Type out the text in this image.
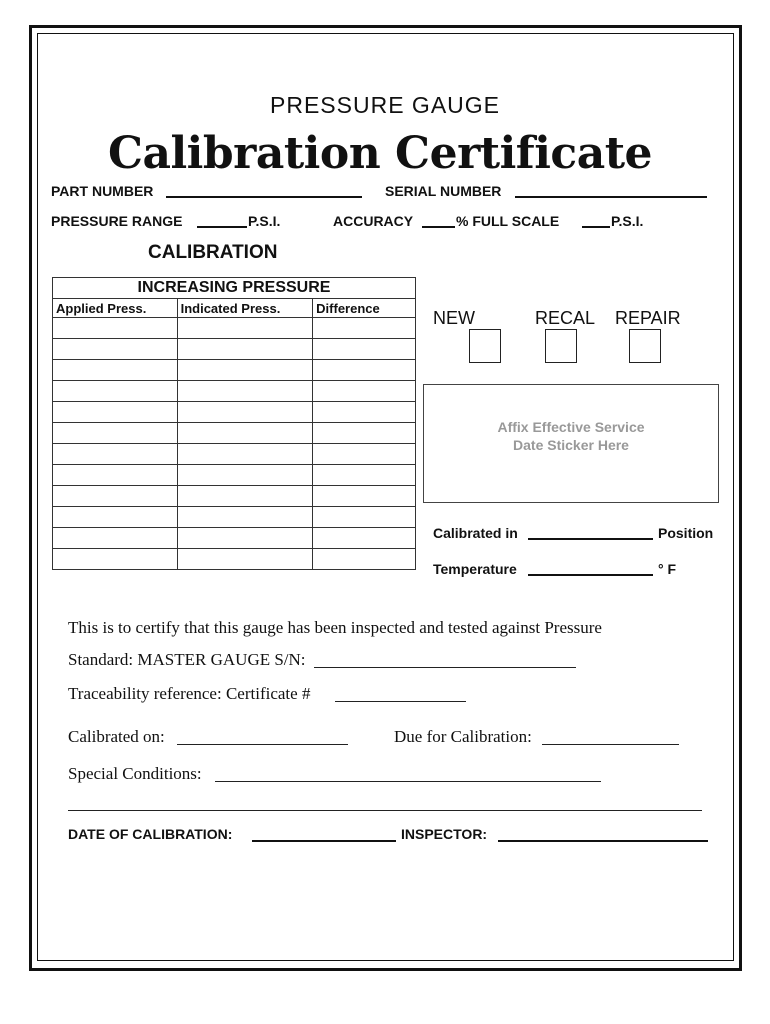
PRESSURE GAUGE
Calibration Certificate
PART NUMBER	SERIAL NUMBER
PRESSURE RANGE	P.S.I.	ACCURACY	% FULL SCALE	P.S.I.
CALIBRATION
INCREASING PRESSURE		
Applied Press.	Indicated Press.	Difference

			NEW	RECAL REPAIR
Affix Effective Service
Date Sticker Here
Calibrated in	Position
Temperature	° F
This is to certify that this gauge has been inspected and tested against Pressure
Standard: MASTER GAUGE S/N:
Traceability reference: Certificate #
Calibrated on:	Due for Calibration:
Special Conditions:
DATE OF CALIBRATION:	INSPECTOR:
